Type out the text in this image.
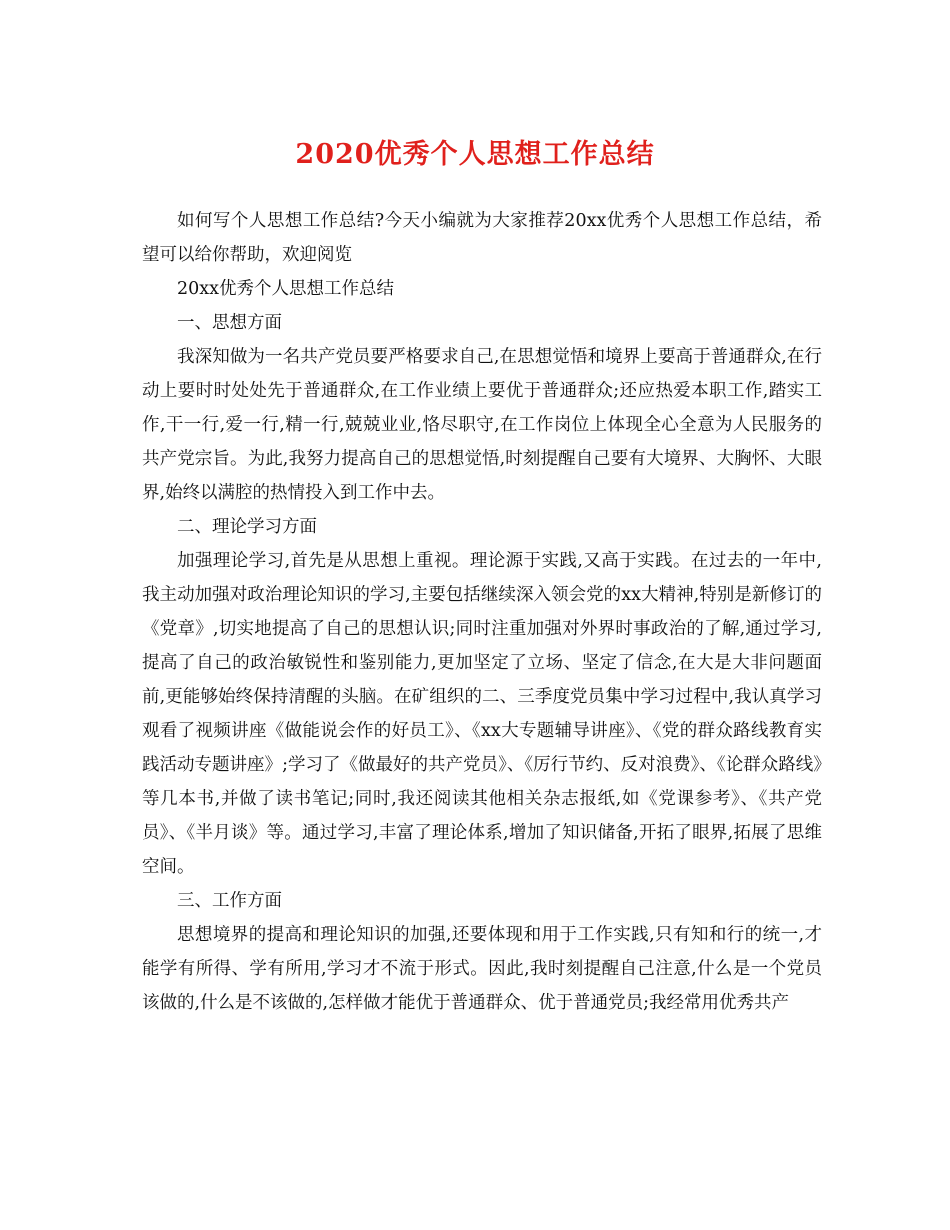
2020优秀个人思想工作总结

如何写个人思想工作总结?今天小编就为大家推荐20xx优秀个人思想工作总结，希望可以给你帮助，欢迎阅览

20xx优秀个人思想工作总结

一、思想方面

我深知做为一名共产党员要严格要求自己,在思想觉悟和境界上要高于普通群众,在行动上要时时处处先于普通群众,在工作业绩上要优于普通群众;还应热爱本职工作,踏实工作,干一行,爱一行,精一行,兢兢业业,恪尽职守,在工作岗位上体现全心全意为人民服务的共产党宗旨。为此,我努力提高自己的思想觉悟,时刻提醒自己要有大境界、大胸怀、大眼界,始终以满腔的热情投入到工作中去。

二、理论学习方面

加强理论学习,首先是从思想上重视。理论源于实践,又高于实践。在过去的一年中,我主动加强对政治理论知识的学习,主要包括继续深入领会党的xx大精神,特别是新修订的《党章》,切实地提高了自己的思想认识;同时注重加强对外界时事政治的了解,通过学习,提高了自己的政治敏锐性和鉴别能力,更加坚定了立场、坚定了信念,在大是大非问题面前,更能够始终保持清醒的头脑。在矿组织的二、三季度党员集中学习过程中,我认真学习观看了视频讲座《做能说会作的好员工》、《xx大专题辅导讲座》、《党的群众路线教育实践活动专题讲座》;学习了《做最好的共产党员》、《厉行节约、反对浪费》、《论群众路线》等几本书,并做了读书笔记;同时,我还阅读其他相关杂志报纸,如《党课参考》、《共产党员》、《半月谈》等。通过学习,丰富了理论体系,增加了知识储备,开拓了眼界,拓展了思维空间。

三、工作方面

思想境界的提高和理论知识的加强,还要体现和用于工作实践,只有知和行的统一,才能学有所得、学有所用,学习才不流于形式。因此,我时刻提醒自己注意,什么是一个党员该做的,什么是不该做的,怎样做才能优于普通群众、优于普通党员;我经常用优秀共产
